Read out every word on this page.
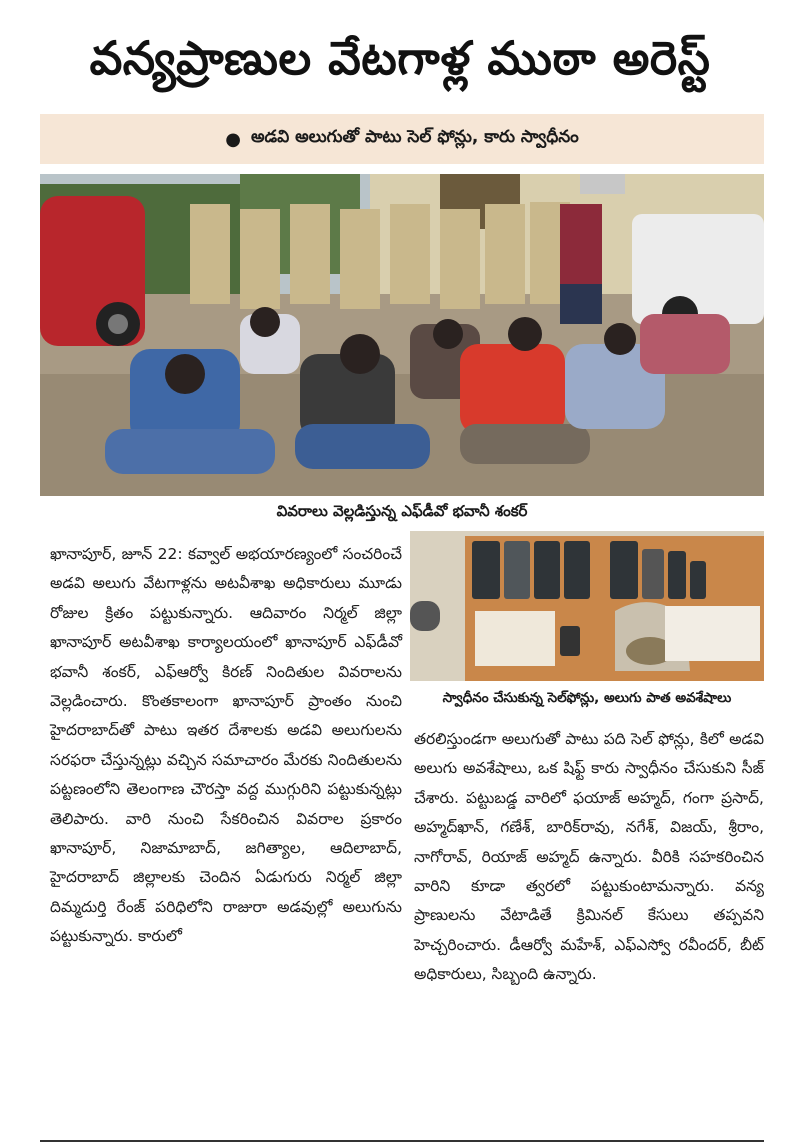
వన్యప్రాణుల వేటగాళ్ల ముఠా అరెస్ట్
● అడవి అలుగుతో పాటు సెల్ ఫోన్లు, కారు స్వాధీనం
వివరాలు వెల్లడిస్తున్న ఎఫ్‌డీవో భవానీ శంకర్
స్వాధీనం చేసుకున్న సెల్‌ఫోన్లు, అలుగు పాత అవశేషాలు
ఖానాపూర్, జూన్ 22: కవ్వాల్ అభయారణ్యంలో సంచరించే అడవి అలుగు వేటగాళ్లను అటవీశాఖ అధికారులు మూడు రోజుల క్రితం పట్టుకున్నారు. ఆదివారం నిర్మల్ జిల్లా ఖానాపూర్ అటవీశాఖ కార్యాలయంలో ఖానాపూర్ ఎఫ్‌డీవో భవానీ శంకర్, ఎఫ్ఆర్వో కిరణ్ నిందితుల వివరాలను వెల్లడించారు. కొంతకాలంగా ఖానాపూర్ ప్రాంతం నుంచి హైదరాబాద్‌తో పాటు ఇతర దేశాలకు అడవి అలుగులను సరఫరా చేస్తున్నట్లు వచ్చిన సమాచారం మేరకు నిందితులను పట్టణంలోని తెలంగాణ చౌరస్తా వద్ద ముగ్గురిని పట్టుకున్నట్లు తెలిపారు. వారి నుంచి సేకరించిన వివరాల ప్రకారం ఖానాపూర్, నిజామాబాద్, జగిత్యాల, ఆదిలాబాద్, హైదరాబాద్ జిల్లాలకు చెందిన ఏడుగురు నిర్మల్ జిల్లా దిమ్మదుర్తి రేంజ్ పరిధిలోని రాజురా అడవుల్లో అలుగును పట్టుకున్నారు. కారులో
తరలిస్తుండగా అలుగుతో పాటు పది సెల్ ఫోన్లు, కిలో అడవి అలుగు అవశేషాలు, ఒక షిఫ్ట్ కారు స్వాధీనం చేసుకుని సీజ్ చేశారు. పట్టుబడ్డ వారిలో ఫయాజ్ అహ్మద్, గంగా ప్రసాద్, అహ్మద్‌ఖాన్, గణేశ్, బారిక్‌రావు, నగేశ్, విజయ్, శ్రీరాం, నాగోరావ్, రియాజ్ అహ్మద్ ఉన్నారు. వీరికి సహకరించిన వారిని కూడా త్వరలో పట్టుకుంటామన్నారు. వన్య ప్రాణులను వేటాడితే క్రిమినల్ కేసులు తప్పవని హెచ్చరించారు. డీఆర్వో మహేశ్, ఎఫ్ఎస్వో రవీందర్, బీట్ అధికారులు, సిబ్బంది ఉన్నారు.
